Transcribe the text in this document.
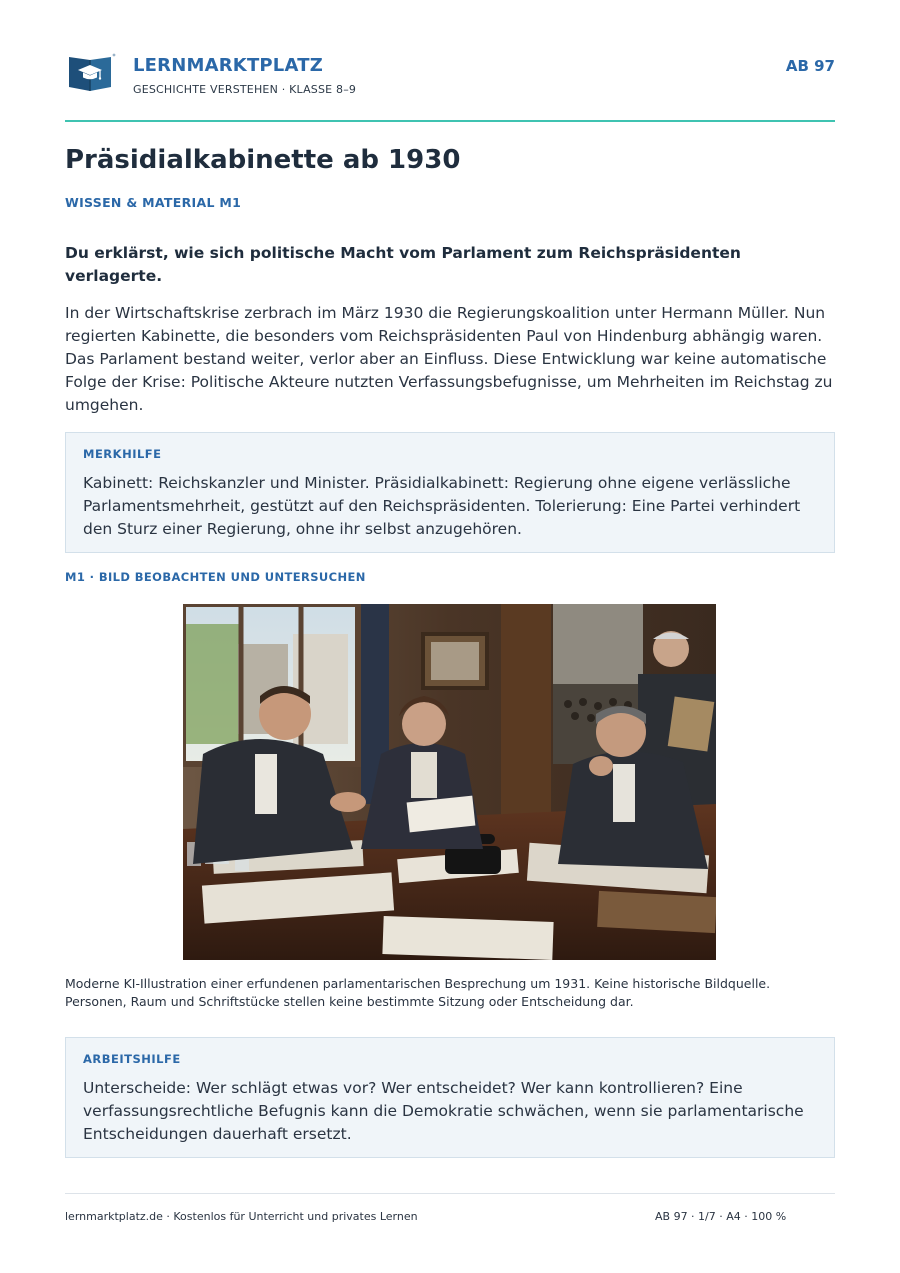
LERNMARKTPLATZ
GESCHICHTE VERSTEHEN · KLASSE 8–9
AB 97
Präsidialkabinette ab 1930
WISSEN & MATERIAL M1

Du erklärst, wie sich politische Macht vom Parlament zum Reichspräsidenten verlagerte.

In der Wirtschaftskrise zerbrach im März 1930 die Regierungskoalition unter Hermann Müller. Nun regierten Kabinette, die besonders vom Reichspräsidenten Paul von Hindenburg abhängig waren. Das Parlament bestand weiter, verlor aber an Einfluss. Diese Entwicklung war keine automatische Folge der Krise: Politische Akteure nutzten Verfassungsbefugnisse, um Mehrheiten im Reichstag zu umgehen.

MERKHILFE

Kabinett: Reichskanzler und Minister. Präsidialkabinett: Regierung ohne eigene verlässliche Parlamentsmehrheit, gestützt auf den Reichspräsidenten. Tolerierung: Eine Partei verhindert den Sturz einer Regierung, ohne ihr selbst anzugehören.

M1 · BILD BEOBACHTEN UND UNTERSUCHEN

Moderne KI-Illustration einer erfundenen parlamentarischen Besprechung um 1931. Keine historische Bildquelle. Personen, Raum und Schriftstücke stellen keine bestimmte Sitzung oder Entscheidung dar.

ARBEITSHILFE

Unterscheide: Wer schlägt etwas vor? Wer entscheidet? Wer kann kontrollieren? Eine verfassungsrechtliche Befugnis kann die Demokratie schwächen, wenn sie parlamentarische Entscheidungen dauerhaft ersetzt.

lernmarktplatz.de · Kostenlos für Unterricht und privates Lernen	AB 97 · 1/7 · A4 · 100 %
